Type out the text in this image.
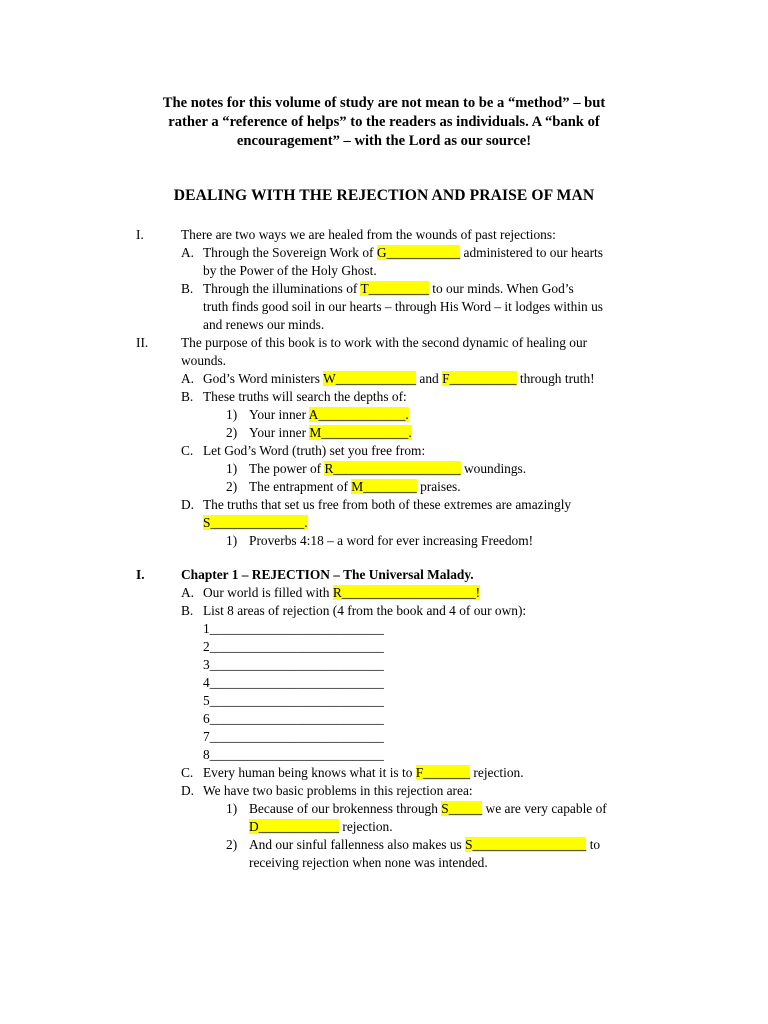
The notes for this volume of study are not mean to be a “method” – but
rather a “reference of helps” to the readers as individuals. A “bank of
encouragement” – with the Lord as our source!
DEALING WITH THE REJECTION AND PRAISE OF MAN
I.	There are two ways we are healed from the wounds of past rejections:
A. Through the Sovereign Work of G___________ administered to our hearts
by the Power of the Holy Ghost.
B. Through the illuminations of T_________ to our minds. When God’s
truth finds good soil in our hearts – through His Word – it lodges within us
and renews our minds.
II. The purpose of this book is to work with the second dynamic of healing our
wounds.
A. God’s Word ministers W____________ and F__________ through truth!
B. These truths will search the depths of:
1) Your inner A_____________.
2) Your inner M_____________.
C. Let God’s Word (truth) set you free from:
1) The power of R___________________ woundings.
2) The entrapment of M________ praises.
D. The truths that set us free from both of these extremes are amazingly
S______________.
1) Proverbs 4:18 – a word for ever increasing Freedom!
I.	Chapter 1 – REJECTION – The Universal Malady.
A. Our world is filled with R____________________!
B. List 8 areas of rejection (4 from the book and 4 of our own):
1__________________________
2__________________________
3__________________________
4__________________________
5__________________________
6__________________________
7__________________________
8__________________________
C. Every human being knows what it is to F_______ rejection.
D. We have two basic problems in this rejection area:
1) Because of our brokenness through S_____ we are very capable of
D____________ rejection.
2) And our sinful fallenness also makes us S_________________ to
receiving rejection when none was intended.
